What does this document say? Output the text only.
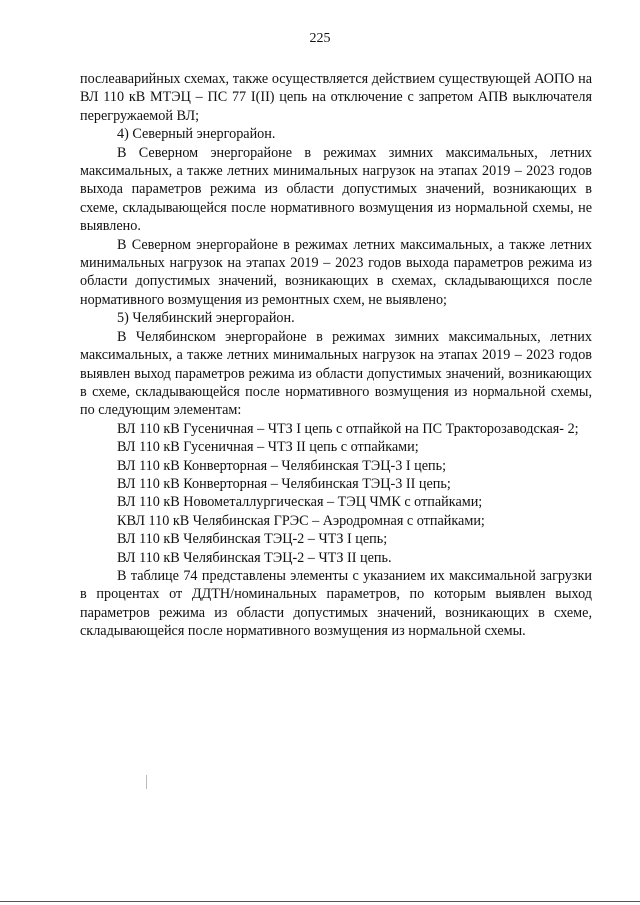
225

послеаварийных схемах, также осуществляется действием существующей АОПО на ВЛ 110 кВ МТЭЦ – ПС 77 I(II) цепь на отключение с запретом АПВ выключателя перегружаемой ВЛ;

4) Северный энергорайон.

В Северном энергорайоне в режимах зимних максимальных, летних максимальных, а также летних минимальных нагрузок на этапах 2019 – 2023 годов выхода параметров режима из области допустимых значений, возникающих в схеме, складывающейся после нормативного возмущения из нормальной схемы, не выявлено.

В Северном энергорайоне в режимах летних максимальных, а также летних минимальных нагрузок на этапах 2019 – 2023 годов выхода параметров режима из области допустимых значений, возникающих в схемах, складывающихся после нормативного возмущения из ремонтных схем, не выявлено;

5) Челябинский энергорайон.

В Челябинском энергорайоне в режимах зимних максимальных, летних максимальных, а также летних минимальных нагрузок на этапах 2019 – 2023 годов выявлен выход параметров режима из области допустимых значений, возникающих в схеме, складывающейся после нормативного возмущения из нормальной схемы, по следующим элементам:

ВЛ 110 кВ Гусеничная – ЧТЗ I цепь с отпайкой на ПС Тракторозаводская- 2;

ВЛ 110 кВ Гусеничная – ЧТЗ II цепь с отпайками;

ВЛ 110 кВ Конверторная – Челябинская ТЭЦ-3 I цепь;

ВЛ 110 кВ Конверторная – Челябинская ТЭЦ-3 II цепь;

ВЛ 110 кВ Новометаллургическая – ТЭЦ ЧМК с отпайками;

КВЛ 110 кВ Челябинская ГРЭС – Аэродромная с отпайками;

ВЛ 110 кВ Челябинская ТЭЦ-2 – ЧТЗ I цепь;

ВЛ 110 кВ Челябинская ТЭЦ-2 – ЧТЗ II цепь.

В таблице 74 представлены элементы с указанием их максимальной загрузки в процентах от ДДТН/номинальных параметров, по которым выявлен выход параметров режима из области допустимых значений, возникающих в схеме, складывающейся после нормативного возмущения из нормальной схемы.
